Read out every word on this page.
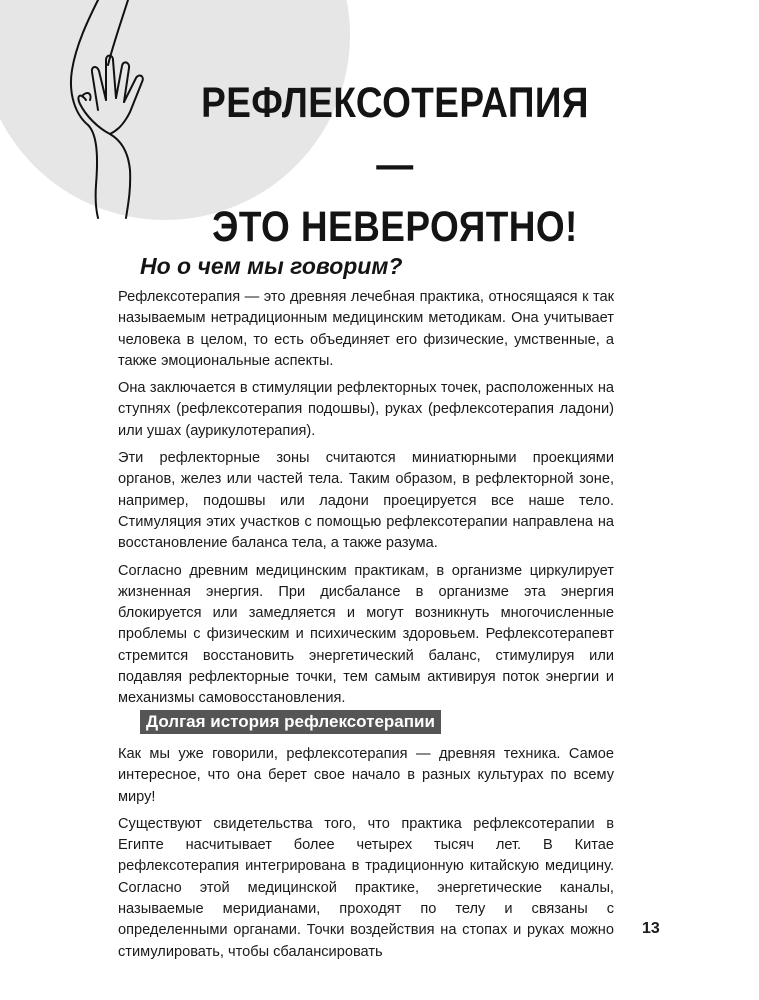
РЕФЛЕКСОТЕРАПИЯ —
ЭТО НЕВЕРОЯТНО!
Но о чем мы говорим?

Рефлексотерапия — это древняя лечебная практика, относящаяся к так называемым нетрадиционным медицинским методикам. Она учитывает человека в целом, то есть объединяет его физические, умственные, а также эмоциональные аспекты.

Она заключается в стимуляции рефлекторных точек, расположенных на ступнях (рефлексотерапия подошвы), руках (рефлексотерапия ладони) или ушах (аурикулотерапия).

Эти рефлекторные зоны считаются миниатюрными проекциями органов, желез или частей тела. Таким образом, в рефлекторной зоне, например, подошвы или ладони проецируется все наше тело. Стимуляция этих участков с помощью рефлексотерапии направлена на восстановление баланса тела, а также разума.

Согласно древним медицинским практикам, в организме циркулирует жизненная энергия. При дисбалансе в организме эта энергия блокируется или замедляется и могут возникнуть многочисленные проблемы с физическим и психическим здоровьем. Рефлексотерапевт стремится восстановить энергетический баланс, стимулируя или подавляя рефлекторные точки, тем самым активируя поток энергии и механизмы самовосстановления.

Долгая история рефлексотерапии

Как мы уже говорили, рефлексотерапия — древняя техника. Самое интересное, что она берет свое начало в разных культурах по всему миру!

Существуют свидетельства того, что практика рефлексотерапии в Египте насчитывает более четырех тысяч лет. В Китае рефлексотерапия интегрирована в традиционную китайскую медицину. Согласно этой медицинской практике, энергетические каналы, называемые меридианами, проходят по телу и связаны с определенными органами. Точки воздействия на стопах и руках можно стимулировать, чтобы сбалансировать

13
